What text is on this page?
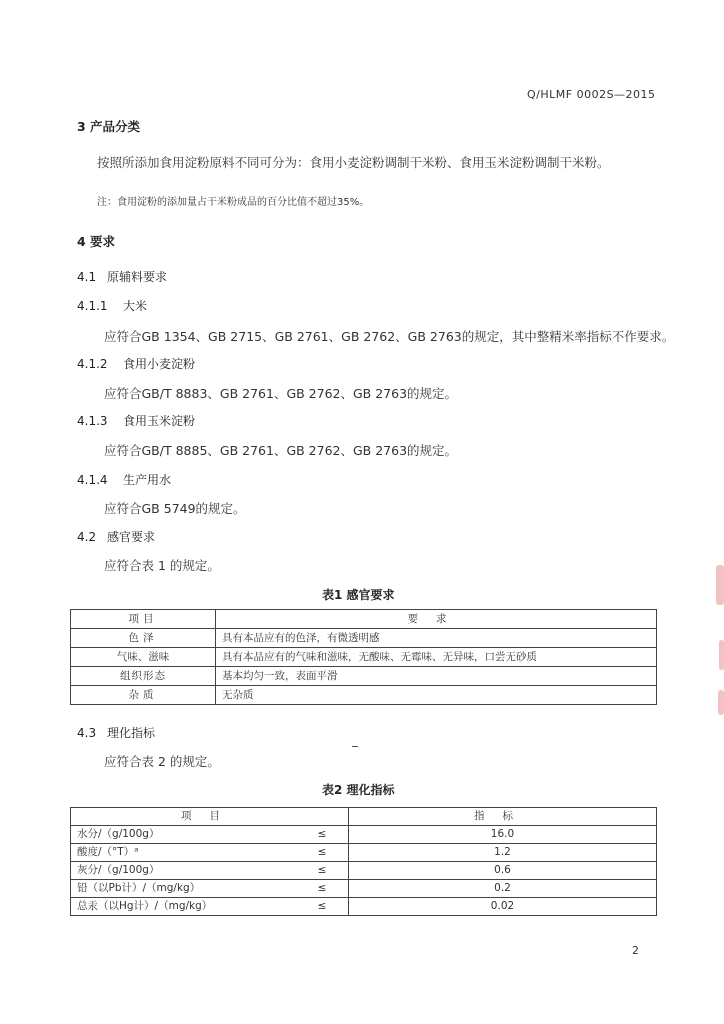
Q/HLMF 0002S—2015
3 产品分类
按照所添加食用淀粉原料不同可分为：食用小麦淀粉调制干米粉、食用玉米淀粉调制干米粉。
注：食用淀粉的添加量占干米粉成品的百分比值不超过35%。
4 要求
4.1 原辅料要求
4.1.1 大米
应符合GB 1354、GB 2715、GB 2761、GB 2762、GB 2763的规定，其中整精米率指标不作要求。
4.1.2 食用小麦淀粉
应符合GB/T 8883、GB 2761、GB 2762、GB 2763的规定。
4.1.3 食用玉米淀粉
应符合GB/T 8885、GB 2761、GB 2762、GB 2763的规定。
4.1.4 生产用水
应符合GB 5749的规定。
4.2 感官要求
应符合表 1 的规定。
表1 感官要求
项目	要求
色泽	具有本品应有的色泽，有微透明感
气味、滋味	具有本品应有的气味和滋味，无酸味、无霉味、无异味，口尝无砂质
组织形态	基本均匀一致，表面平滑
杂质	无杂质
4.3 理化指标
应符合表 2 的规定。
表2 理化指标
项目		指标
水分/（g/100g）	≤	16.0
酸度/（°T）ᵃ	≤	1.2
灰分/（g/100g）	≤	0.6
铅（以Pb计）/（mg/kg）	≤	0.2
总汞（以Hg计）/（mg/kg）	≤	0.02
2
